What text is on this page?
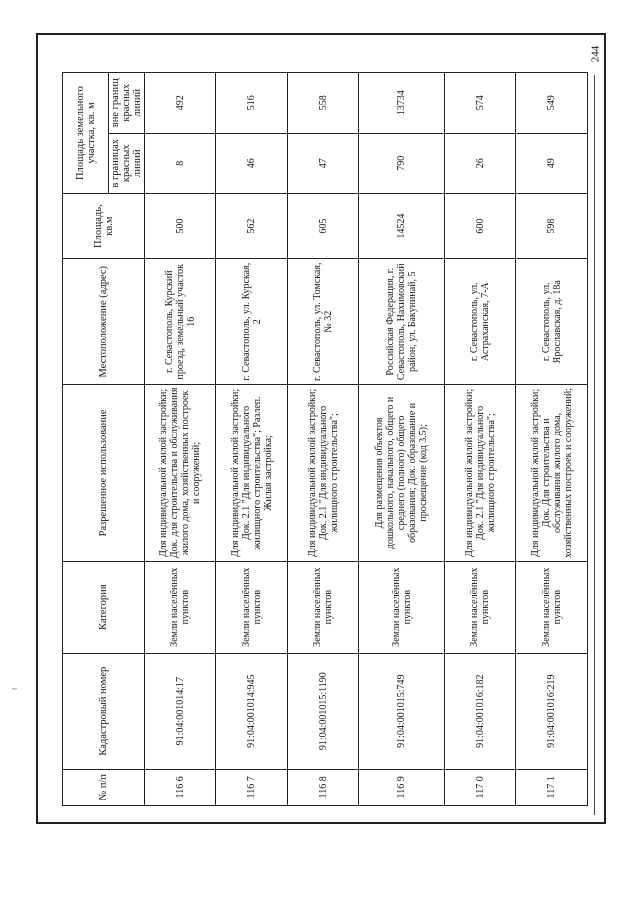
244
~
№ п/п	Кадастровый номер	Категория	Разрешенное использование	Местоположение (адрес)	Площадь, кв.м	Площадь земельного участка, кв. м	
						в границах красных линий	вне границ красных линий
116 6	91:04:001014:17	Земли населённых пунктов	Для индивидуальной жилой застройки; Док. для строительства и обслуживания жилого дома, хозяйственных построек и сооружений;	г. Севастополь, Курский проезд, земельный участок 16	500	8	492
116 7	91:04:001014:945	Земли населённых пунктов	Для индивидуальной жилой застройки; Док. 2.1 "Для индивидуального жилищного строительства"; Разлеп. Жилая застройка;	г. Севастополь, ул. Курская, 2	562	46	516
116 8	91:04:001015:1190	Земли населённых пунктов	Для индивидуальной жилой застройки; Док. 2.1 "Для индивидуального жилищного строительства";	г. Севастополь, ул. Томская, № 32	605	47	558
116 9	91:04:001015:749	Земли населённых пунктов	Для размещения объектов дошкольного, начального, общего и среднего (полного) общего образования; Док. образование и просвещение (код 3.5);	Российская Федерация, г. Севастополь, Нахимовский район, ул. Бакунинай, 5	14524	790	13734
117 0	91:04:001016:182	Земли населённых пунктов	Для индивидуальной жилой застройки; Док. 2.1 "Для индивидуального жилищного строительства";	г. Севастополь, ул. Астраханская, 7-А	600	26	574
117 1	91:04:001016:219	Земли населённых пунктов	Для индивидуальной жилой застройки; Док. Для строительства и обслуживания жилого дома, хозяйственных построек и сооружений;	г. Севастополь, ул. Ярославская, д. 18а	598	49	549
